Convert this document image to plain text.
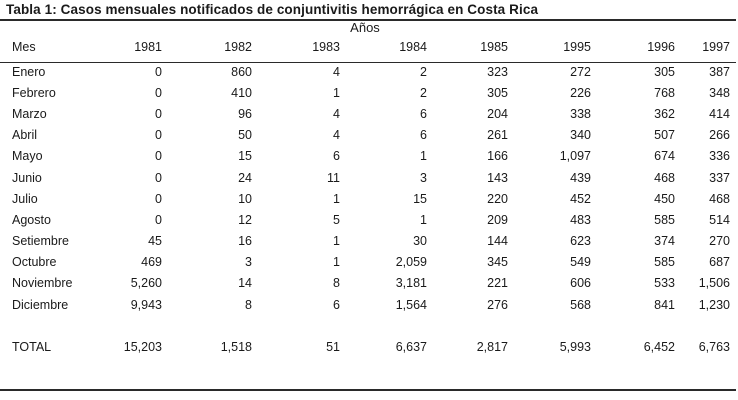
Tabla 1: Casos mensuales notificados de conjuntivitis hemorrágica en Costa Rica
Años
Mes	1981	1982	1983	1984	1985	1995	1996	1997
Enero	0	860	4	2	323	272	305	387
Febrero	0	410	1	2	305	226	768	348
Marzo	0	96	4	6	204	338	362	414
Abril	0	50	4	6	261	340	507	266
Mayo	0	15	6	1	166	1,097	674	336
Junio	0	24	11	3	143	439	468	337
Julio	0	10	1	15	220	452	450	468
Agosto	0	12	5	1	209	483	585	514
Setiembre	45	16	1	30	144	623	374	270
Octubre	469	3	1	2,059	345	549	585	687
Noviembre	5,260	14	8	3,181	221	606	533	1,506
Diciembre	9,943	8	6	1,564	276	568	841	1,230

TOTAL	15,203	1,518	51	6,637	2,817	5,993	6,452	6,763
